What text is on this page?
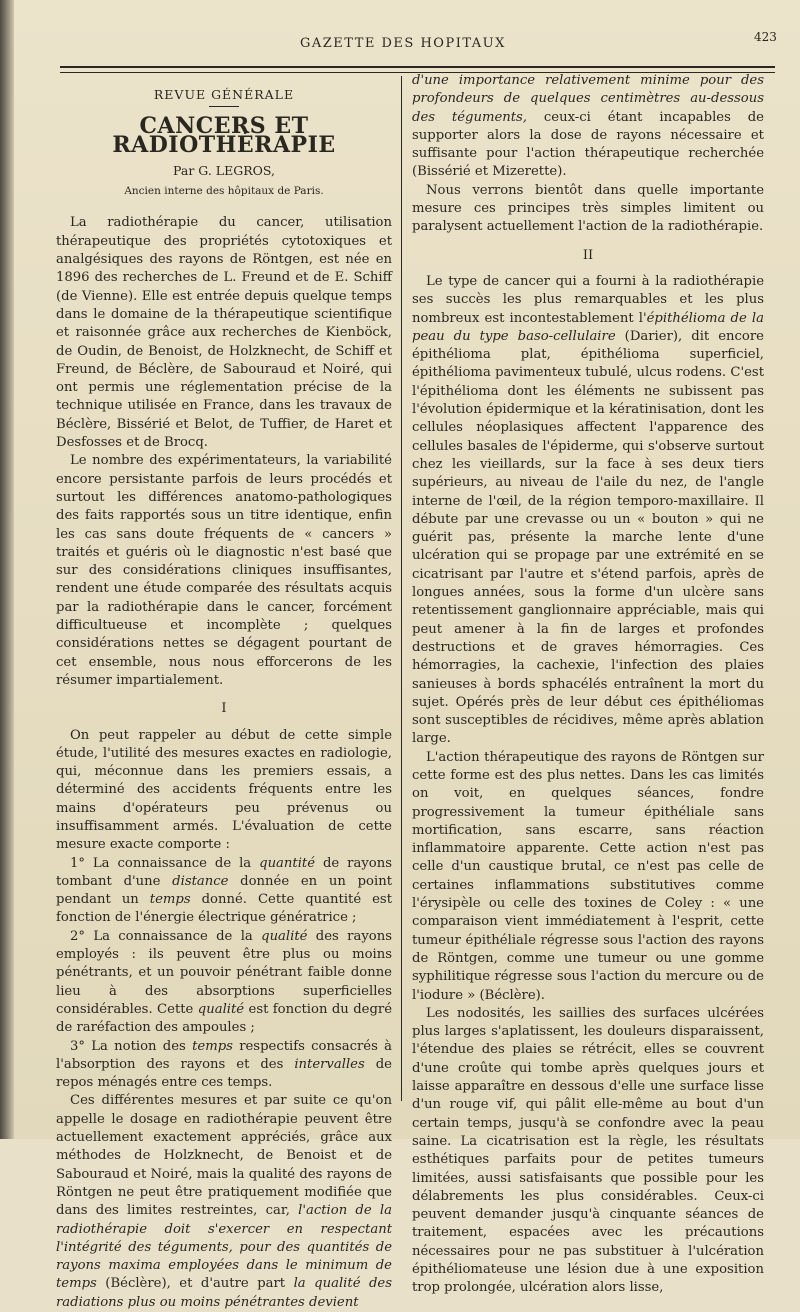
GAZETTE DES HOPITAUX	423
REVUE GÉNÉRALE
CANCERS ET RADIOTHÉRAPIE
Par G. LEGROS,
Ancien interne des hôpitaux de Paris.

La radiothérapie du cancer, utilisation thérapeutique des propriétés cytotoxiques et analgésiques des rayons de Röntgen, est née en 1896 des recherches de L. Freund et de E. Schiff (de Vienne). Elle est entrée depuis quelque temps dans le domaine de la thérapeutique scientifique et raisonnée grâce aux recherches de Kienböck, de Oudin, de Benoist, de Holzknecht, de Schiff et Freund, de Béclère, de Sabouraud et Noiré, qui ont permis une réglementation précise de la technique utilisée en France, dans les travaux de Béclère, Bissérié et Belot, de Tuffier, de Haret et Desfosses et de Brocq.

Le nombre des expérimentateurs, la variabilité encore persistante parfois de leurs procédés et surtout les différences anatomo-pathologiques des faits rapportés sous un titre identique, enfin les cas sans doute fréquents de « cancers » traités et guéris où le diagnostic n'est basé que sur des considérations cliniques insuffisantes, rendent une étude comparée des résultats acquis par la radiothérapie dans le cancer, forcément difficultueuse et incomplète ; quelques considérations nettes se dégagent pourtant de cet ensemble, nous nous efforcerons de les résumer impartialement.

I

On peut rappeler au début de cette simple étude, l'utilité des mesures exactes en radiologie, qui, méconnue dans les premiers essais, a déterminé des accidents fréquents entre les mains d'opérateurs peu prévenus ou insuffisamment armés. L'évaluation de cette mesure exacte comporte :

1° La connaissance de la quantité de rayons tombant d'une distance donnée en un point pendant un temps donné. Cette quantité est fonction de l'énergie électrique génératrice ;

2° La connaissance de la qualité des rayons employés : ils peuvent être plus ou moins pénétrants, et un pouvoir pénétrant faible donne lieu à des absorptions superficielles considérables. Cette qualité est fonction du degré de raréfaction des ampoules ;

3° La notion des temps respectifs consacrés à l'absorption des rayons et des intervalles de repos ménagés entre ces temps.

Ces différentes mesures et par suite ce qu'on appelle le dosage en radiothérapie peuvent être actuellement exactement appréciés, grâce aux méthodes de Holzknecht, de Benoist et de Sabouraud et Noiré, mais la qualité des rayons de Röntgen ne peut être pratiquement modifiée que dans des limites restreintes, car, l'action de la radiothérapie doit s'exercer en respectant l'intégrité des téguments, pour des quantités de rayons maxima employées dans le minimum de temps (Béclère), et d'autre part la qualité des radiations plus ou moins pénétrantes devient

d'une importance relativement minime pour des profondeurs de quelques centimètres au-dessous des téguments, ceux-ci étant incapables de supporter alors la dose de rayons nécessaire et suffisante pour l'action thérapeutique recherchée (Bissérié et Mizerette).

Nous verrons bientôt dans quelle importante mesure ces principes très simples limitent ou paralysent actuellement l'action de la radiothérapie.

II

Le type de cancer qui a fourni à la radiothérapie ses succès les plus remarquables et les plus nombreux est incontestablement l'épithélioma de la peau du type baso-cellulaire (Darier), dit encore épithélioma plat, épithélioma superficiel, épithélioma pavimenteux tubulé, ulcus rodens. C'est l'épithélioma dont les éléments ne subissent pas l'évolution épidermique et la kératinisation, dont les cellules néoplasiques affectent l'apparence des cellules basales de l'épiderme, qui s'observe surtout chez les vieillards, sur la face à ses deux tiers supérieurs, au niveau de l'aile du nez, de l'angle interne de l'œil, de la région temporo-maxillaire. Il débute par une crevasse ou un « bouton » qui ne guérit pas, présente la marche lente d'une ulcération qui se propage par une extrémité en se cicatrisant par l'autre et s'étend parfois, après de longues années, sous la forme d'un ulcère sans retentissement ganglionnaire appréciable, mais qui peut amener à la fin de larges et profondes destructions et de graves hémorragies. Ces hémorragies, la cachexie, l'infection des plaies sanieuses à bords sphacélés entraînent la mort du sujet. Opérés près de leur début ces épithéliomas sont susceptibles de récidives, même après ablation large.

L'action thérapeutique des rayons de Röntgen sur cette forme est des plus nettes. Dans les cas limités on voit, en quelques séances, fondre progressivement la tumeur épithéliale sans mortification, sans escarre, sans réaction inflammatoire apparente. Cette action n'est pas celle d'un caustique brutal, ce n'est pas celle de certaines inflammations substitutives comme l'érysipèle ou celle des toxines de Coley : « une comparaison vient immédiatement à l'esprit, cette tumeur épithéliale régresse sous l'action des rayons de Röntgen, comme une tumeur ou une gomme syphilitique régresse sous l'action du mercure ou de l'iodure » (Béclère).

Les nodosités, les saillies des surfaces ulcérées plus larges s'aplatissent, les douleurs disparaissent, l'étendue des plaies se rétrécit, elles se couvrent d'une croûte qui tombe après quelques jours et laisse apparaître en dessous d'elle une surface lisse d'un rouge vif, qui pâlit elle-même au bout d'un certain temps, jusqu'à se confondre avec la peau saine. La cicatrisation est la règle, les résultats esthétiques parfaits pour de petites tumeurs limitées, aussi satisfaisants que possible pour les délabrements les plus considérables. Ceux-ci peuvent demander jusqu'à cinquante séances de traitement, espacées avec les précautions nécessaires pour ne pas substituer à l'ulcération épithéliomateuse une lésion due à une exposition trop prolongée, ulcération alors lisse,
